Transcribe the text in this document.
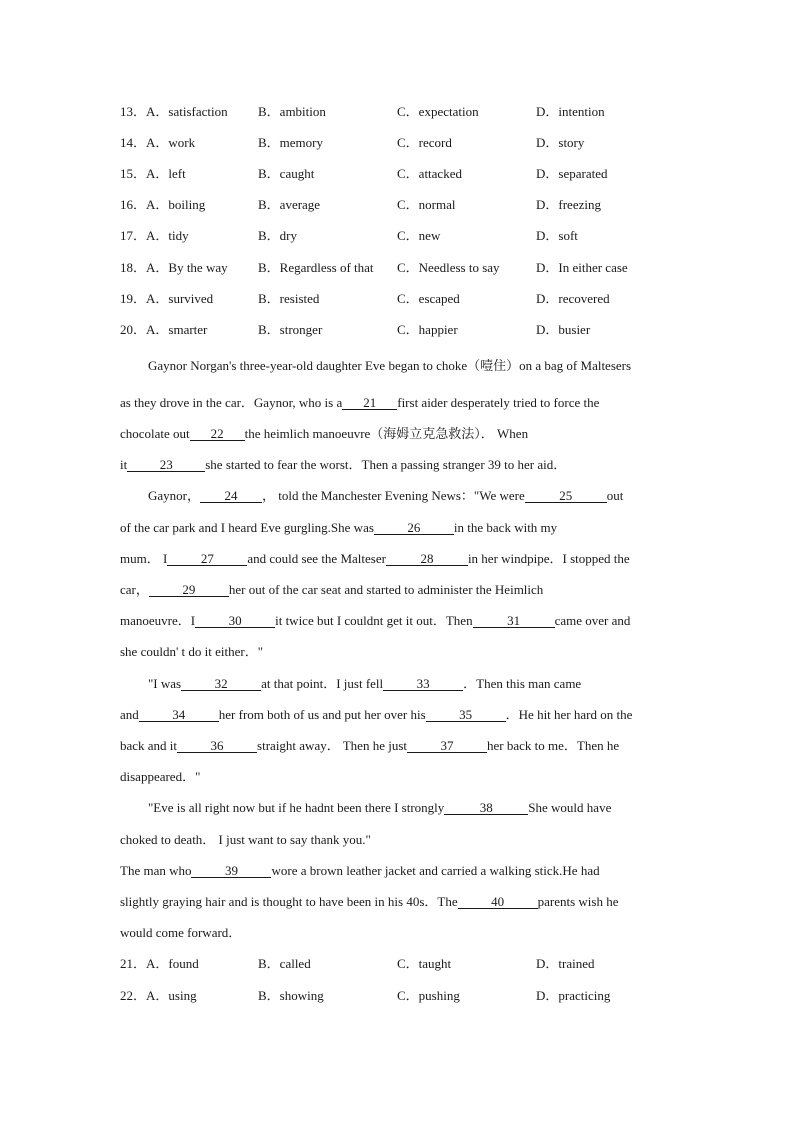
13．A．satisfaction B．ambition	C．expectation	D．intention
14．A．work	B．memory	C．record	D．story
15．A．left	B．caught	C．attacked	D．separated
16．A．boiling	B．average	C．normal	D．freezing
17．A．tidy	B．dry	C．new	D．soft
18．A．By the way B．Regardless of that C．Needless to say	D．In either case
19．A．survived	B．resisted	C．escaped	D．recovered
20．A．smarter	B．stronger	C．happier	D．busier
Gaynor Norgan's three-year-old daughter Eve began to choke（噎住）on a bag of Maltesers
as they drove in the car．Gaynor, who is a 21 first aider desperately tried to force the
chocolate out 22 the heimlich manoeuvre（海姆立克急救法）． When
it	23	she started to fear the worst．Then a passing stranger 39 to her aid．
Gaynor， 24 ， told the Manchester Evening News："We were	25	out
of the car park and I heard Eve gurgling.She was	26	in the back with my
mum． I	27	and could see the Malteser	28	in her windpipe．I stopped the
car，	29	her out of the car seat and started to administer the Heimlich
manoeuvre．I	30	it twice but I couldnt get it out．Then	31	came over and
she couldn' t do it either．"
"I was	32	at that point．I just fell	33	．Then this man came
and	34	her from both of us and put her over his	35	．He hit her hard on the
back and it	36	straight away． Then he just	37	her back to me．Then he
disappeared．"
"Eve is all right now but if he hadnt been there I strongly	38	She would have
choked to death． I just want to say thank you."
The man who	39	wore a brown leather jacket and carried a walking stick.He had
slightly graying hair and is thought to have been in his 40s．The	40	parents wish he
would come forward．
21．A．found	B．called	C．taught	D．trained
22．A．using	B．showing	C．pushing	D．practicing
